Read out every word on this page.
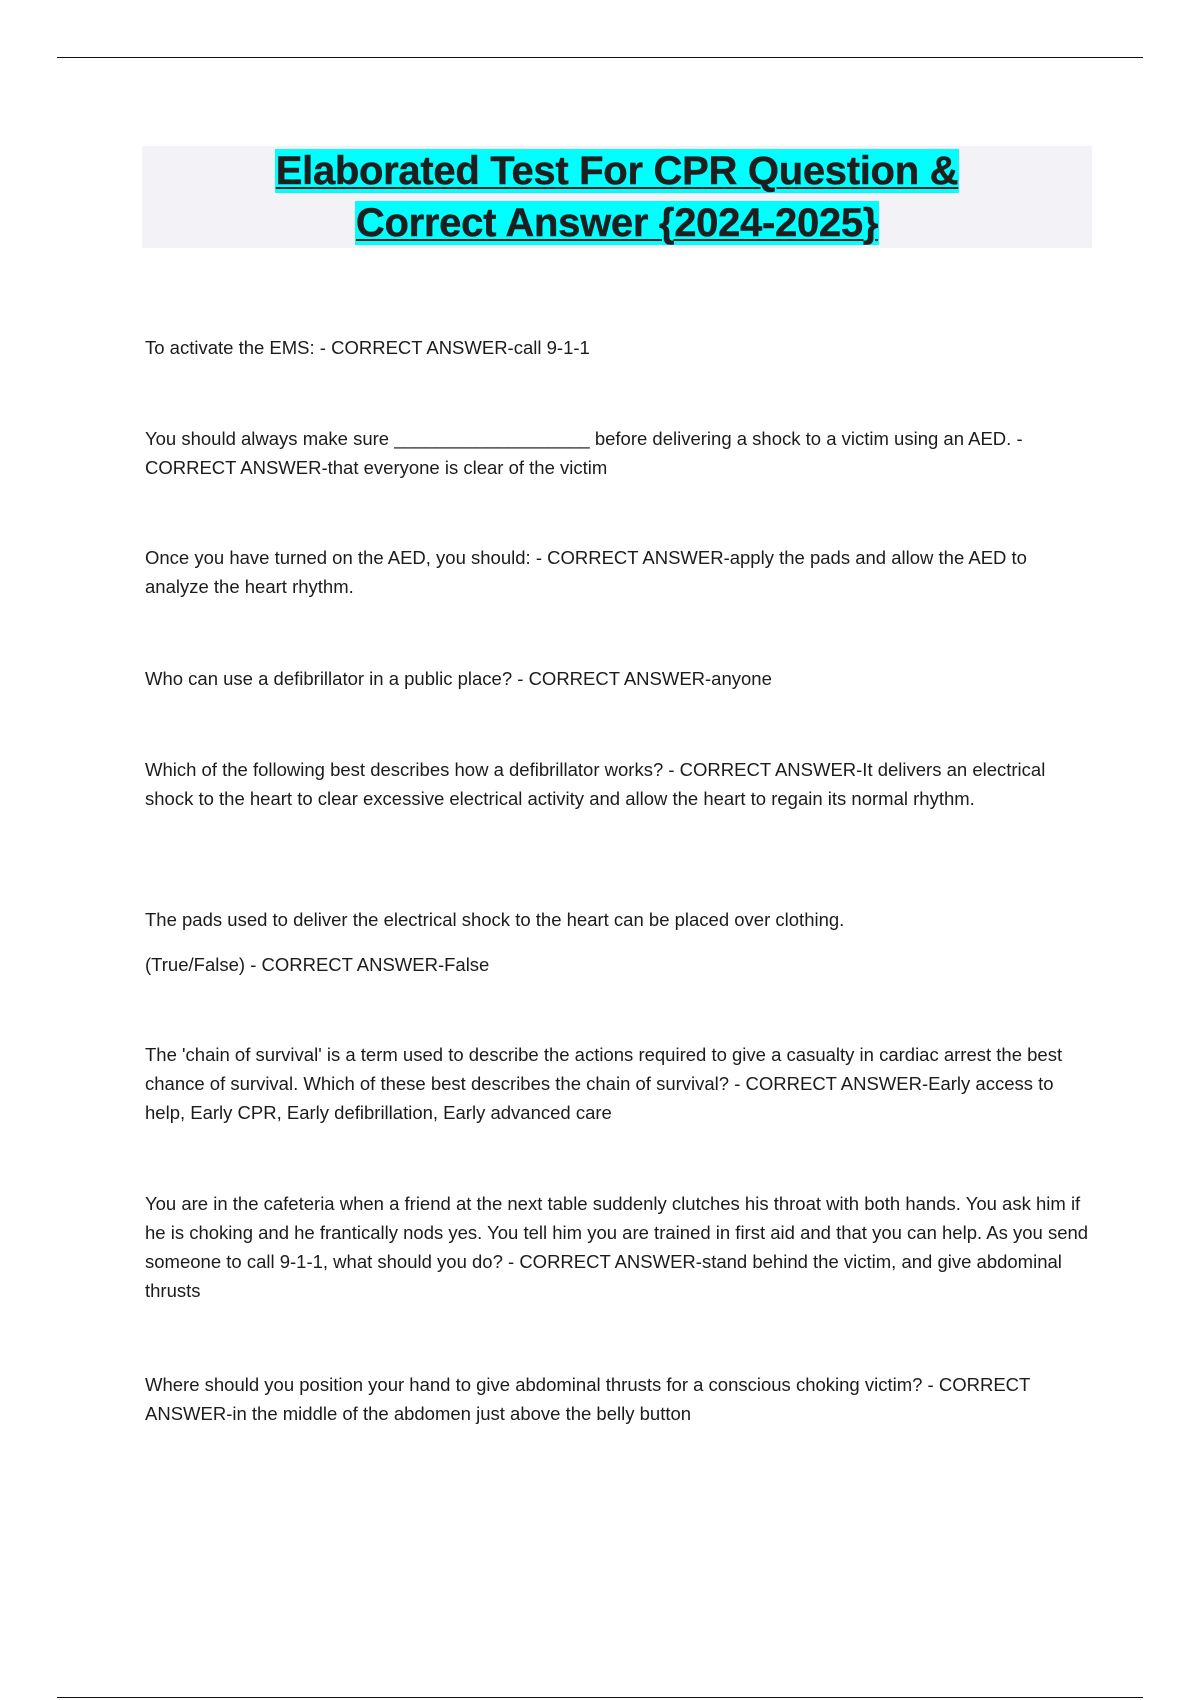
Elaborated Test For CPR Question &
Correct Answer {2024-2025}

To activate the EMS: - CORRECT ANSWER-call 9-1-1

You should always make sure ___________________ before delivering a shock to a victim using an AED. - CORRECT ANSWER-that everyone is clear of the victim

Once you have turned on the AED, you should: - CORRECT ANSWER-apply the pads and allow the AED to analyze the heart rhythm.

Who can use a defibrillator in a public place? - CORRECT ANSWER-anyone

Which of the following best describes how a defibrillator works? - CORRECT ANSWER-It delivers an electrical shock to the heart to clear excessive electrical activity and allow the heart to regain its normal rhythm.

The pads used to deliver the electrical shock to the heart can be placed over clothing.

(True/False) - CORRECT ANSWER-False

The 'chain of survival' is a term used to describe the actions required to give a casualty in cardiac arrest the best chance of survival. Which of these best describes the chain of survival? - CORRECT ANSWER-Early access to help, Early CPR, Early defibrillation, Early advanced care

You are in the cafeteria when a friend at the next table suddenly clutches his throat with both hands. You ask him if he is choking and he frantically nods yes. You tell him you are trained in first aid and that you can help. As you send someone to call 9-1-1, what should you do? - CORRECT ANSWER-stand behind the victim, and give abdominal thrusts

Where should you position your hand to give abdominal thrusts for a conscious choking victim? - CORRECT ANSWER-in the middle of the abdomen just above the belly button
